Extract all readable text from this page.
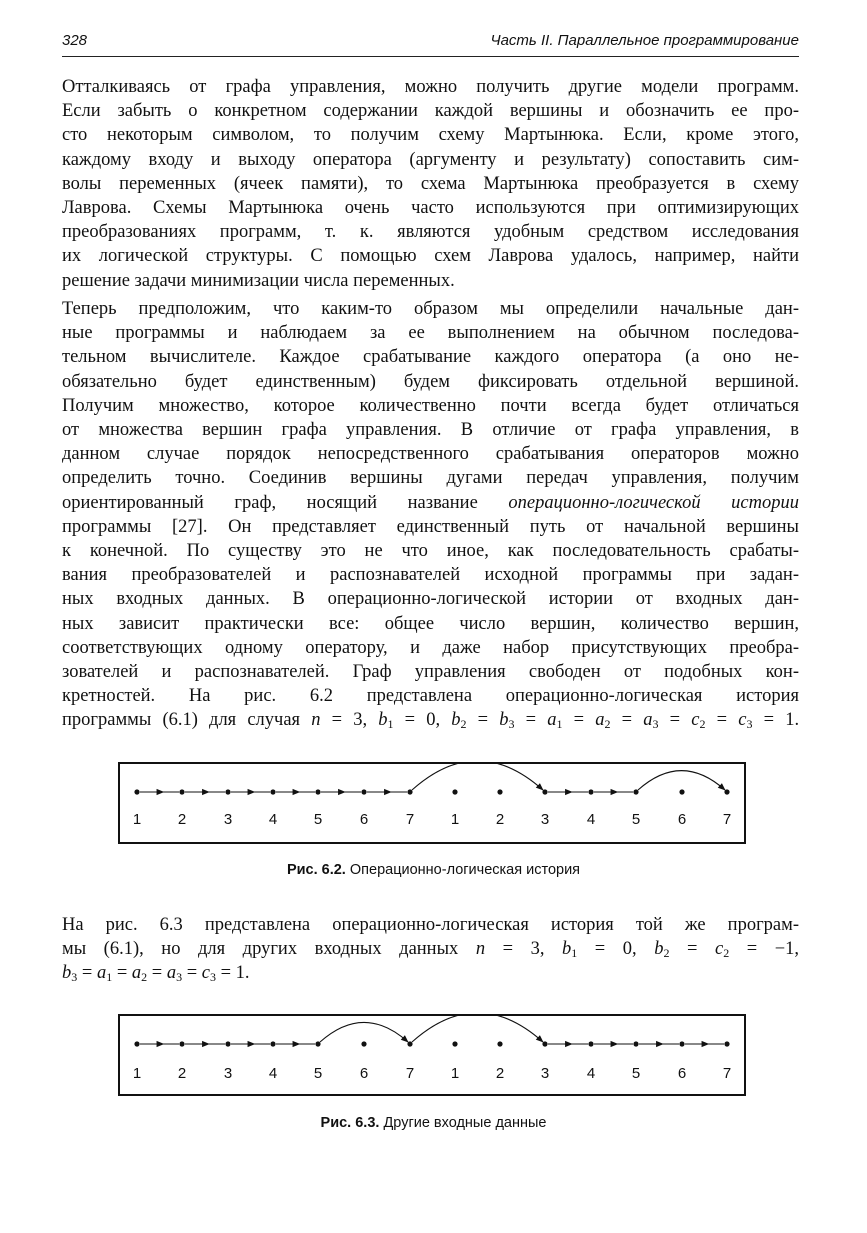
328	Часть II. Параллельное программирование
Отталкиваясь от графа управления, можно получить другие модели программ.
Если забыть о конкретном содержании каждой вершины и обозначить ее про-
сто некоторым символом, то получим схему Мартынюка. Если, кроме этого,
каждому входу и выходу оператора (аргументу и результату) сопоставить сим-
волы переменных (ячеек памяти), то схема Мартынюка преобразуется в схему
Лаврова. Схемы Мартынюка очень часто используются при оптимизирующих
преобразованиях программ, т. к. являются удобным средством исследования
их логической структуры. С помощью схем Лаврова удалось, например, найти
решение задачи минимизации числа переменных.
Теперь предположим, что каким-то образом мы определили начальные дан-
ные программы и наблюдаем за ее выполнением на обычном последова-
тельном вычислителе. Каждое срабатывание каждого оператора (а оно не-
обязательно будет единственным) будем фиксировать отдельной вершиной.
Получим множество, которое количественно почти всегда будет отличаться
от множества вершин графа управления. В отличие от графа управления, в
данном случае порядок непосредственного срабатывания операторов можно
определить точно. Соединив вершины дугами передач управления, получим
ориентированный граф, носящий название операционно-логической истории
программы [27]. Он представляет единственный путь от начальной вершины
к конечной. По существу это не что иное, как последовательность срабаты-
вания преобразователей и распознавателей исходной программы при задан-
ных входных данных. В операционно-логической истории от входных дан-
ных зависит практически все: общее число вершин, количество вершин,
соответствующих одному оператору, и даже набор присутствующих преобра-
зователей и распознавателей. Граф управления свободен от подобных кон-
кретностей. На рис. 6.2 представлена операционно-логическая история
программы (6.1) для случая n = 3, $b_1 = 0$, $b_2 = b_3 = a_1 = a_2 = a_3 = c_2 = c_3 = 1$.
1 2	3 4 5	6	7 1 2 3	4 5	6 7
Рис. 6.2. Операционно-логическая история
На рис. 6.3 представлена операционно-логическая история той же програм-
мы (6.1), но для других входных данных n = 3, $b_1 = 0$, $b_2 = c_2 = -1$,
$b_3 = a_1 = a_2 = a_3 = c_3 = 1$.
1 2	3 4 5	6	7 1 2 3	4 5	6 7
Рис. 6.3. Другие входные данные
